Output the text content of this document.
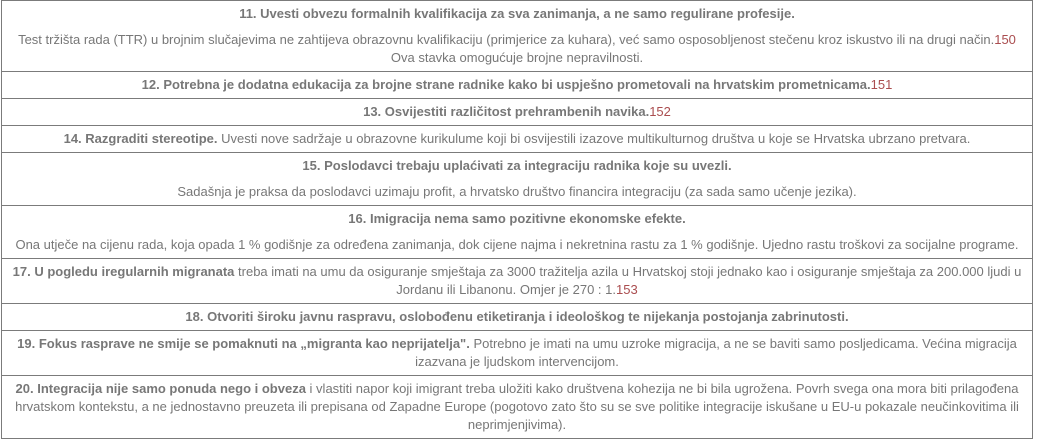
11. Uvesti obvezu formalnih kvalifikacija za sva zanimanja, a ne samo regulirane profesije.

Test tržišta rada (TTR) u brojnim slučajevima ne zahtijeva obrazovnu kvalifikaciju (primjerice za kuhara), već samo osposobljenost stečenu kroz iskustvo ili na drugi način.150 Ova stavka omogućuje brojne nepravilnosti.

12. Potrebna je dodatna edukacija za brojne strane radnike kako bi uspješno prometovali na hrvatskim prometnicama.151

13. Osvijestiti različitost prehrambenih navika.152

14. Razgraditi stereotipe. Uvesti nove sadržaje u obrazovne kurikulume koji bi osvijestili izazove multikulturnog društva u koje se Hrvatska ubrzano pretvara.

15. Poslodavci trebaju uplaćivati za integraciju radnika koje su uvezli.

Sadašnja je praksa da poslodavci uzimaju profit, a hrvatsko društvo financira integraciju (za sada samo učenje jezika).

16. Imigracija nema samo pozitivne ekonomske efekte.

Ona utječe na cijenu rada, koja opada 1 % godišnje za određena zanimanja, dok cijene najma i nekretnina rastu za 1 % godišnje. Ujedno rastu troškovi za socijalne programe.

17. U pogledu iregularnih migranata treba imati na umu da osiguranje smještaja za 3000 tražitelja azila u Hrvatskoj stoji jednako kao i osiguranje smještaja za 200.000 ljudi u Jordanu ili Libanonu. Omjer je 270 : 1.153

18. Otvoriti široku javnu raspravu, oslobođenu etiketiranja i ideološkog te nijekanja postojanja zabrinutosti.

19. Fokus rasprave ne smije se pomaknuti na „migranta kao neprijatelja". Potrebno je imati na umu uzroke migracija, a ne se baviti samo posljedicama. Većina migracija izazvana je ljudskom intervencijom.

20. Integracija nije samo ponuda nego i obveza i vlastiti napor koji imigrant treba uložiti kako društvena kohezija ne bi bila ugrožena. Povrh svega ona mora biti prilagođena hrvatskom kontekstu, a ne jednostavno preuzeta ili prepisana od Zapadne Europe (pogotovo zato što su se sve politike integracije iskušane u EU-u pokazale neučinkovitima ili neprimjenjivima).
